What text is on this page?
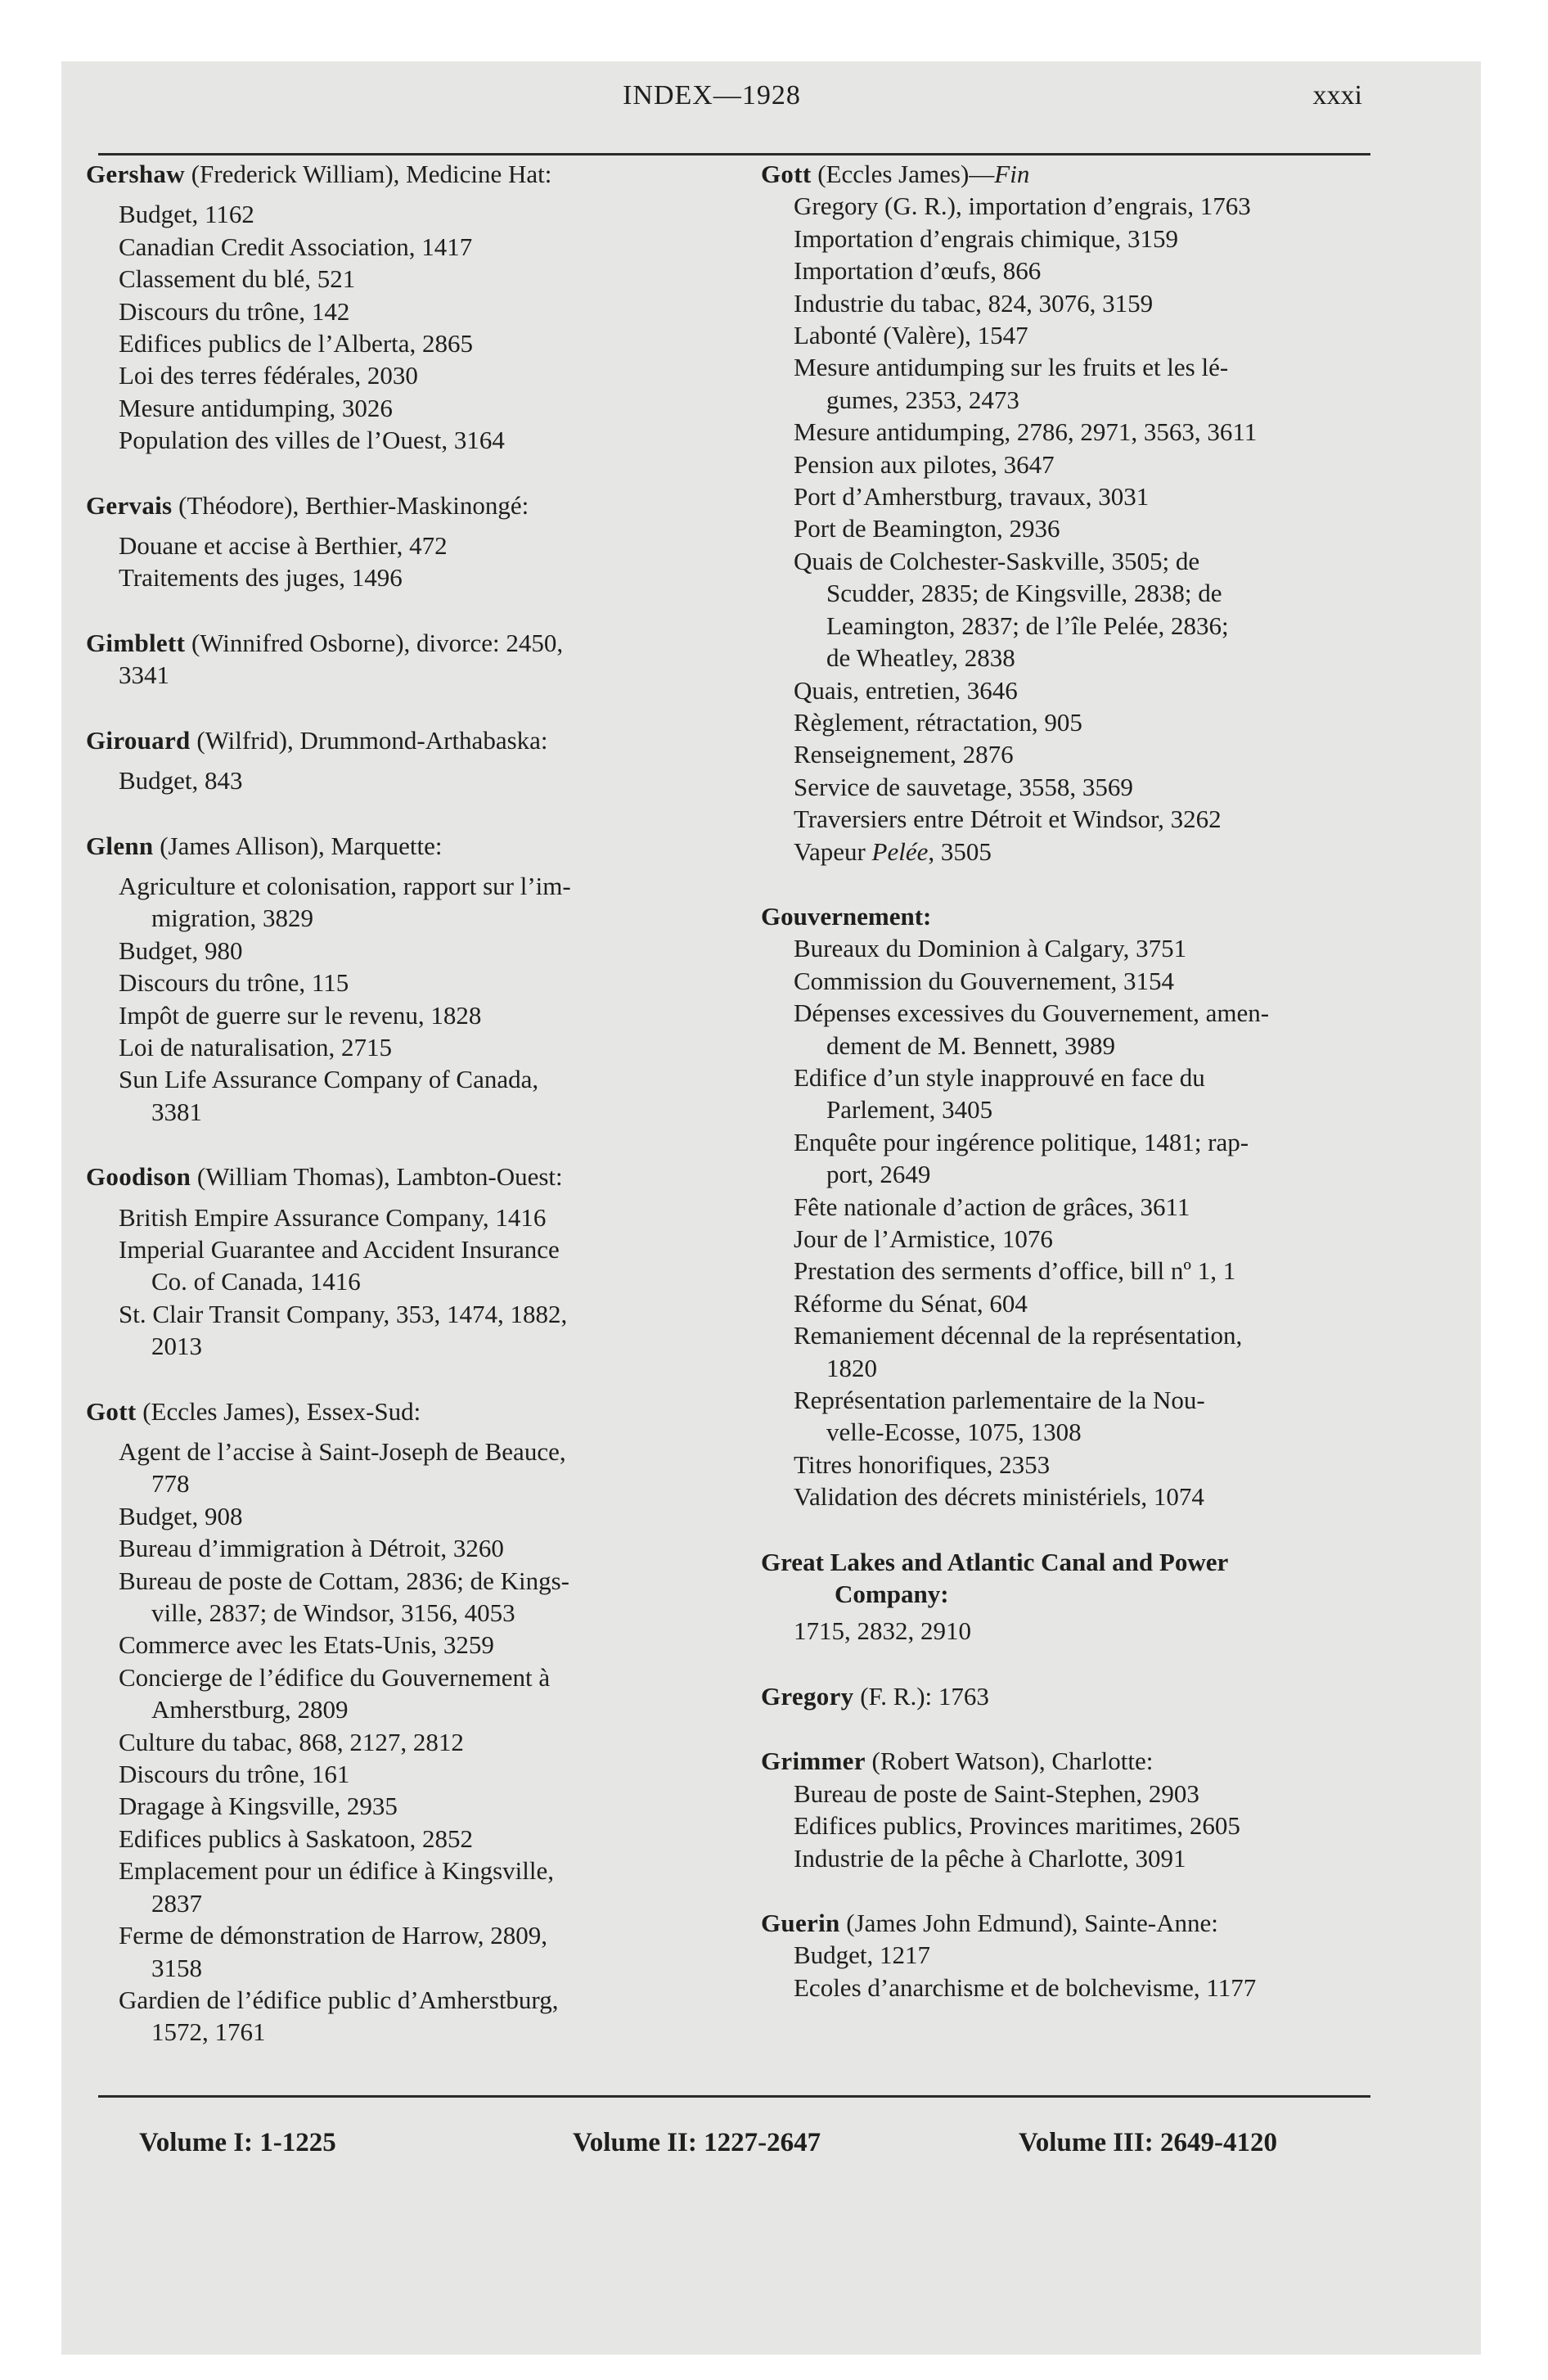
INDEX—1928	xxxi
Gershaw (Frederick William), Medicine Hat:
Budget, 1162
Canadian Credit Association, 1417
Classement du blé, 521
Discours du trône, 142
Edifices publics de l’Alberta, 2865
Loi des terres fédérales, 2030
Mesure antidumping, 3026
Population des villes de l’Ouest, 3164
Gervais (Théodore), Berthier-Maskinongé:
Douane et accise à Berthier, 472
Traitements des juges, 1496
Gimblett (Winnifred Osborne), divorce: 2450,
3341
Girouard (Wilfrid), Drummond-Arthabaska:
Budget, 843
Glenn (James Allison), Marquette:
Agriculture et colonisation, rapport sur l’im-
migration, 3829
Budget, 980
Discours du trône, 115
Impôt de guerre sur le revenu, 1828
Loi de naturalisation, 2715
Sun Life Assurance Company of Canada,
3381
Goodison (William Thomas), Lambton-Ouest:
British Empire Assurance Company, 1416
Imperial Guarantee and Accident Insurance
Co. of Canada, 1416
St. Clair Transit Company, 353, 1474, 1882,
2013
Gott (Eccles James), Essex-Sud:
Agent de l’accise à Saint-Joseph de Beauce,
778
Budget, 908
Bureau d’immigration à Détroit, 3260
Bureau de poste de Cottam, 2836; de Kings-
ville, 2837; de Windsor, 3156, 4053
Commerce avec les Etats-Unis, 3259
Concierge de l’édifice du Gouvernement à
Amherstburg, 2809
Culture du tabac, 868, 2127, 2812
Discours du trône, 161
Dragage à Kingsville, 2935
Edifices publics à Saskatoon, 2852
Emplacement pour un édifice à Kingsville,
2837
Ferme de démonstration de Harrow, 2809,
3158
Gardien de l’édifice public d’Amherstburg,
1572, 1761
Gott (Eccles James)—Fin
Gregory (G. R.), importation d’engrais, 1763
Importation d’engrais chimique, 3159
Importation d’œufs, 866
Industrie du tabac, 824, 3076, 3159
Labonté (Valère), 1547
Mesure antidumping sur les fruits et les lé-
gumes, 2353, 2473
Mesure antidumping, 2786, 2971, 3563, 3611
Pension aux pilotes, 3647
Port d’Amherstburg, travaux, 3031
Port de Beamington, 2936
Quais de Colchester-Saskville, 3505; de
Scudder, 2835; de Kingsville, 2838; de
Leamington, 2837; de l’île Pelée, 2836;
de Wheatley, 2838
Quais, entretien, 3646
Règlement, rétractation, 905
Renseignement, 2876
Service de sauvetage, 3558, 3569
Traversiers entre Détroit et Windsor, 3262
Vapeur Pelée, 3505
Gouvernement:
Bureaux du Dominion à Calgary, 3751
Commission du Gouvernement, 3154
Dépenses excessives du Gouvernement, amen-
dement de M. Bennett, 3989
Edifice d’un style inapprouvé en face du
Parlement, 3405
Enquête pour ingérence politique, 1481; rap-
port, 2649
Fête nationale d’action de grâces, 3611
Jour de l’Armistice, 1076
Prestation des serments d’office, bill nº 1, 1
Réforme du Sénat, 604
Remaniement décennal de la représentation,
1820
Représentation parlementaire de la Nou-
velle-Ecosse, 1075, 1308
Titres honorifiques, 2353
Validation des décrets ministériels, 1074
Great Lakes and Atlantic Canal and Power
Company:
1715, 2832, 2910
Gregory (F. R.): 1763
Grimmer (Robert Watson), Charlotte:
Bureau de poste de Saint-Stephen, 2903
Edifices publics, Provinces maritimes, 2605
Industrie de la pêche à Charlotte, 3091
Guerin (James John Edmund), Sainte-Anne:
Budget, 1217
Ecoles d’anarchisme et de bolchevisme, 1177
Volume I: 1-1225	Volume II: 1227-2647	Volume III: 2649-4120
